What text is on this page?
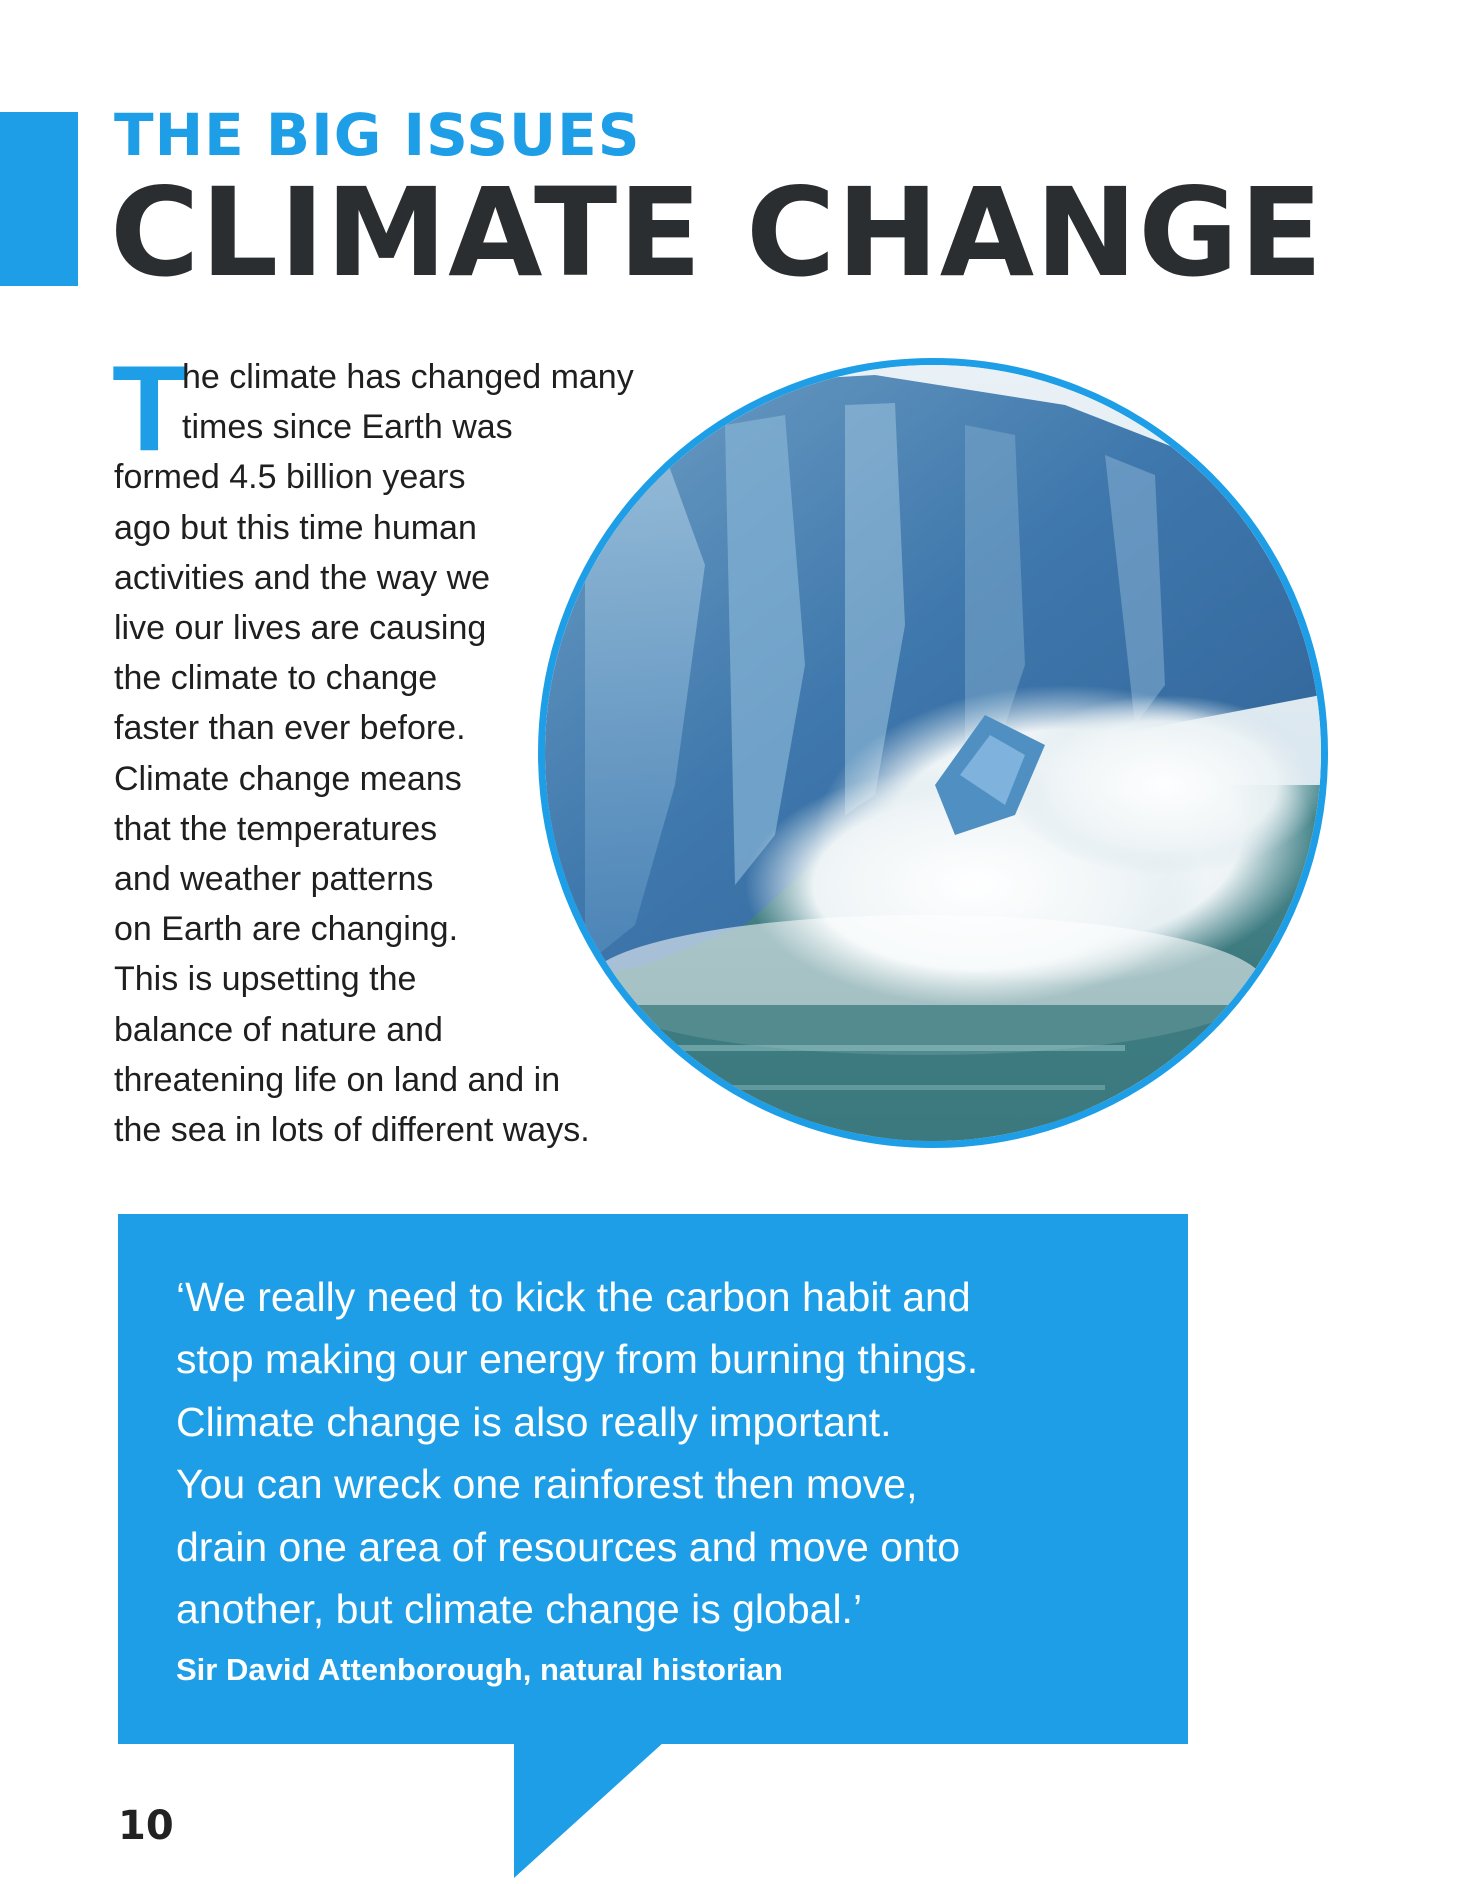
THE BIG ISSUES
CLIMATE CHANGE
T

he climate has changed many
times since Earth was
formed 4.5 billion years
ago but this time human
activities and the way we
live our lives are causing
the climate to change
faster than ever before.
Climate change means
that the temperatures
and weather patterns
on Earth are changing.
This is upsetting the
balance of nature and
threatening life on land and in
the sea in lots of different ways.

‘We really need to kick the carbon habit and
stop making our energy from burning things.
Climate change is also really important.
You can wreck one rainforest then move,
drain one area of resources and move onto
another, but climate change is global.’

Sir David Attenborough, natural historian

10
